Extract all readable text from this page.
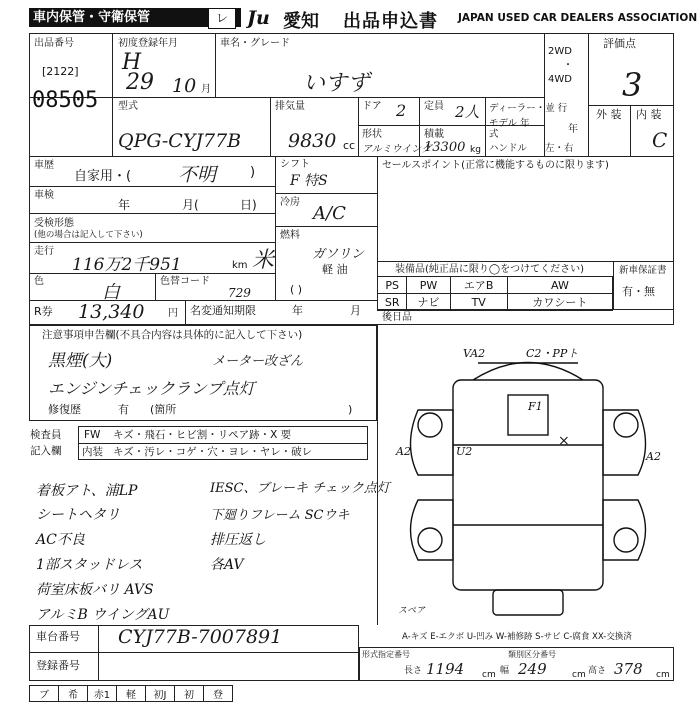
車内保管・守衛保管	レ	Ju 愛知 出品申込書 JAPAN USED CAR DEALERS ASSOCIATION
出品番号
[2122]
08505
初度登録年月
H
29 10 月
車名・グレード
いすず
2WD
・
4WD
評価点
3
型式
QPG-CYJ77B
排気量
9830 cc
ドア 2 定員 2人
形状
アルミウイング
積載
13300 kg
ディーラー・並 行
モデル 年 式	年
ハンドル 左・右
外 装 内 装
C
車歴
自家用・( 不明	)
車検
年	月(	日)
受検形態
(他の場合は記入して下さい)
走行
116万2千951	km 米
色
白
色替コード
729
R券 13,340 円 名変通知期限	年	月
シフト
F 特S
冷房
A/C
燃料
ガソリン
軽 油
( )
セールスポイント(正常に機能するものに限ります)
装備品(純正品に限り◯をつけてください)
PS	PW	エアB	AW
SR	ナビ	TV	カワシート
新車保証書
有・無
後日品
注意事項申告欄(不具合内容は具体的に記入して下さい)
黒煙(大)	メーター改ざん
エンジンチェックランプ点灯
修復歴	有 (箇所	)
検査員
記入欄
FW キズ・飛石・ヒビ割・リペア跡・X 要
内装 キズ・汚レ・コゲ・穴・ヨレ・ヤレ・破レ
着板アト、浦LP
シートヘタリ
AC不良
1部スタッドレス
荷室床板バリ AVS
アルミB ウイングAU
IESC、ブレーキ チェック点灯
下廻りフレーム SCウキ
排圧返し
各AV
VA2	C2・PPト
A2	A2
U2
F1
×
スペア
A-キズ E-エクボ U-凹み W-補修跡 S-サビ C-腐食 XX-交換済
車台番号 CYJ77B-7007891
登録番号
形式指定番号	類別区分番号
長さ 1194 cm 幅 249	cm 高さ 378 cm
ブ	希	赤1	軽	初J	初	登
